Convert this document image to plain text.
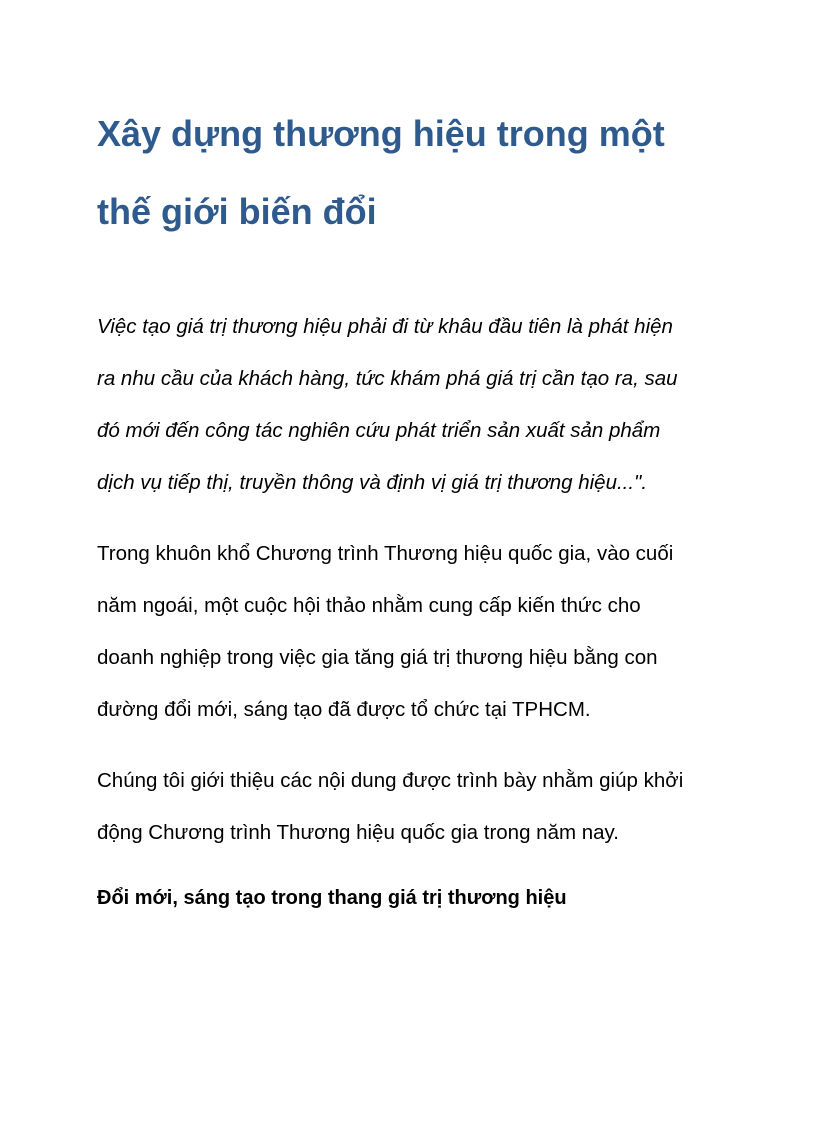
Xây dựng thương hiệu trong một
thế giới biến đổi

Việc tạo giá trị thương hiệu phải đi từ khâu đầu tiên là phát hiện
ra nhu cầu của khách hàng, tức khám phá giá trị cần tạo ra, sau
đó mới đến công tác nghiên cứu phát triển sản xuất sản phẩm
dịch vụ tiếp thị, truyền thông và định vị giá trị thương hiệu...".

Trong khuôn khổ Chương trình Thương hiệu quốc gia, vào cuối
năm ngoái, một cuộc hội thảo nhằm cung cấp kiến thức cho
doanh nghiệp trong việc gia tăng giá trị thương hiệu bằng con
đường đổi mới, sáng tạo đã được tổ chức tại TPHCM.

Chúng tôi giới thiệu các nội dung được trình bày nhằm giúp khởi
động Chương trình Thương hiệu quốc gia trong năm nay.

Đổi mới, sáng tạo trong thang giá trị thương hiệu
